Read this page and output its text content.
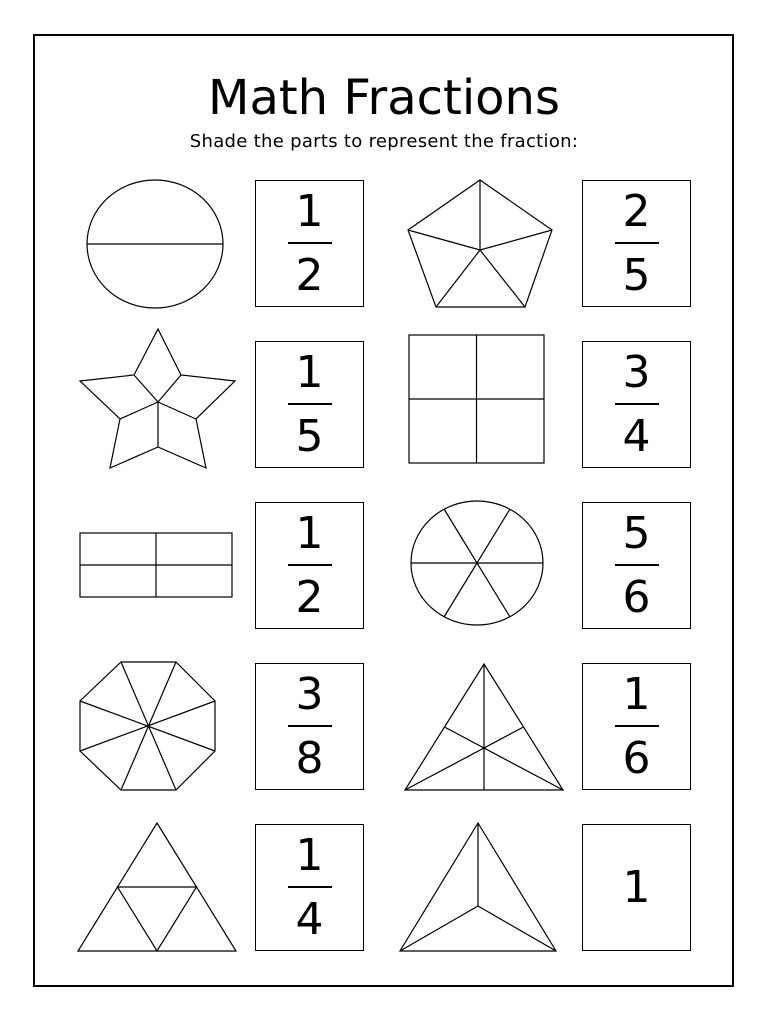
Math Fractions

Shade the parts to represent the fraction:

1
2
2
5
1
5
3
4
1
2
5
6
3
8
1
6
1
4
1
